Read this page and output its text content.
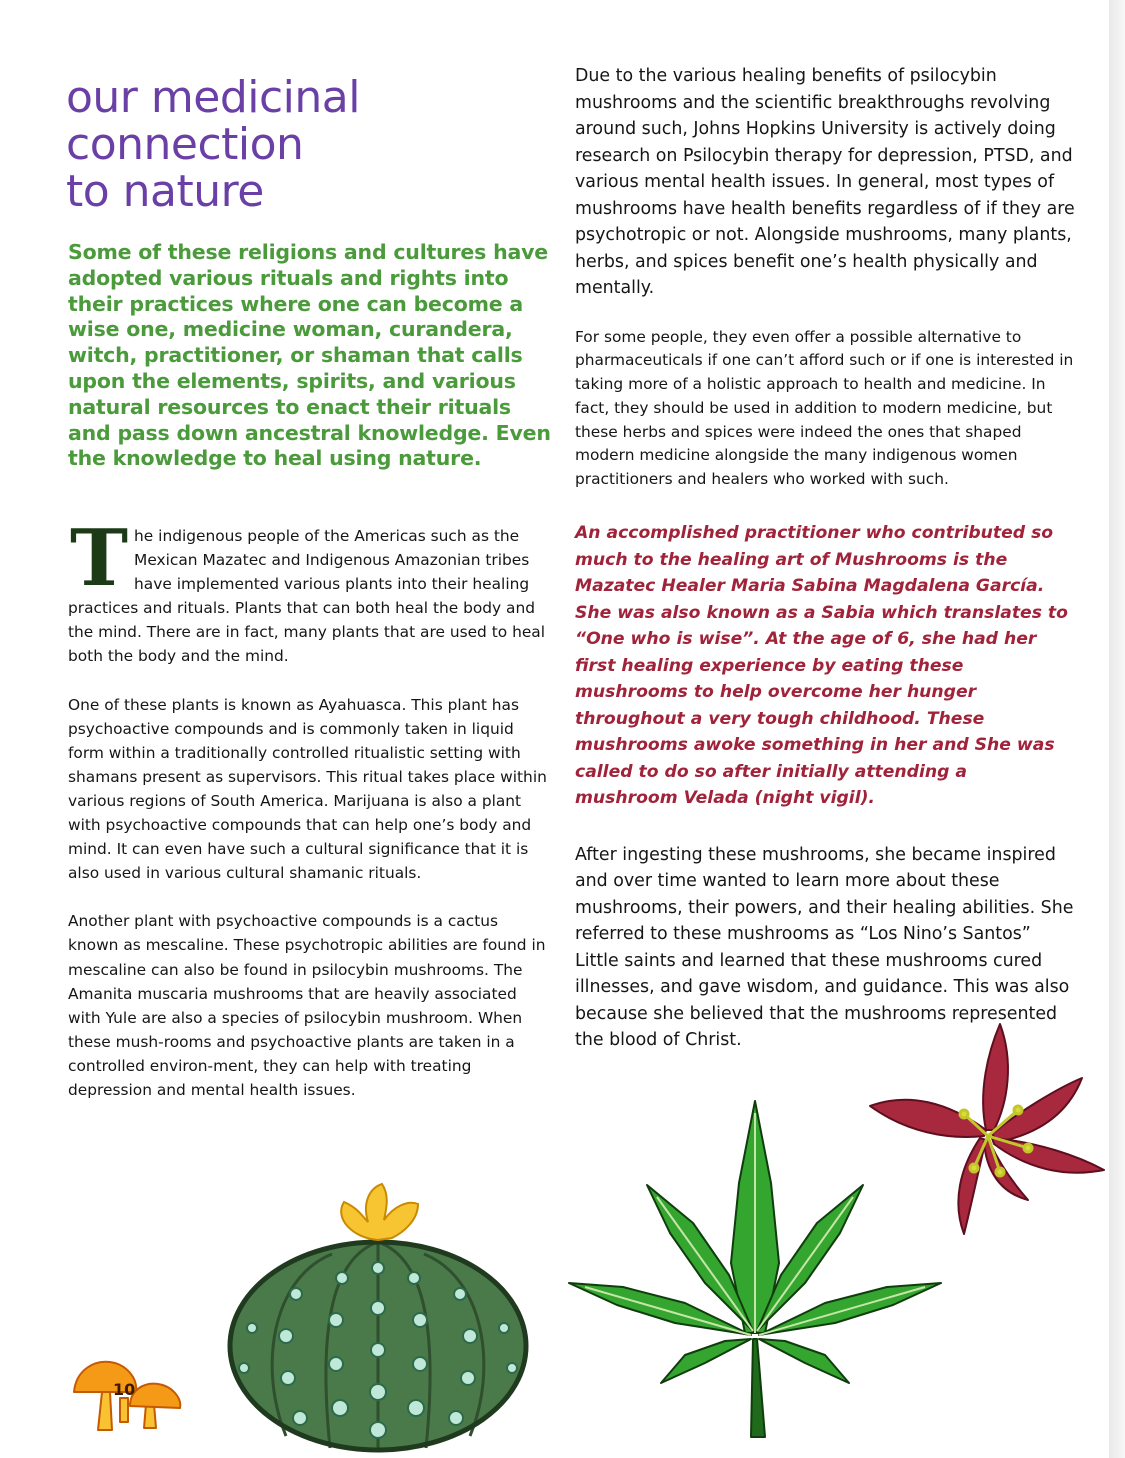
our medicinal
connection
to nature

Some of these religions and cultures have adopted various rituals and rights into their practices where one can become a wise one, medicine woman, curandera, witch, practitioner, or shaman that calls upon the elements, spirits, and various natural resources to enact their rituals and pass down ancestral knowledge. Even the knowledge to heal using nature.

T he indigenous people of the Americas such as the Mexican Mazatec and Indigenous Amazonian tribes have implemented various plants into their healing practices and rituals. Plants that can both heal the body and the mind. There are in fact, many plants that are used to heal both the body and the mind.

One of these plants is known as Ayahuasca. This plant has psychoactive compounds and is commonly taken in liquid form within a traditionally controlled ritualistic setting with shamans present as supervisors. This ritual takes place within various regions of South America. Marijuana is also a plant with psychoactive compounds that can help one’s body and mind. It can even have such a cultural significance that it is also used in various cultural shamanic rituals.

Another plant with psychoactive compounds is a cactus known as mescaline. These psychotropic abilities are found in mescaline can also be found in psilocybin mushrooms. The Amanita muscaria mushrooms that are heavily associated with Yule are also a species of psilocybin mushroom. When these mush-rooms and psychoactive plants are taken in a controlled environ-ment, they can help with treating depression and mental health issues.

Due to the various healing benefits of psilocybin mushrooms and the scientific breakthroughs revolving around such, Johns Hopkins University is actively doing research on Psilocybin therapy for depression, PTSD, and various mental health issues. In general, most types of mushrooms have health benefits regardless of if they are psychotropic or not. Alongside mushrooms, many plants, herbs, and spices benefit one’s health physically and mentally.

For some people, they even offer a possible alternative to pharmaceuticals if one can’t afford such or if one is interested in taking more of a holistic approach to health and medicine. In fact, they should be used in addition to modern medicine, but these herbs and spices were indeed the ones that shaped modern medicine alongside the many indigenous women practitioners and healers who worked with such.

An accomplished practitioner who contributed so much to the healing art of Mushrooms is the Mazatec Healer Maria Sabina Magdalena García. She was also known as a Sabia which translates to “One who is wise”. At the age of 6, she had her first healing experience by eating these mushrooms to help overcome her hunger throughout a very tough childhood. These mushrooms awoke something in her and She was called to do so after initially attending a mushroom Velada (night vigil).

After ingesting these mushrooms, she became inspired and over time wanted to learn more about these mushrooms, their powers, and their healing abilities. She referred to these mushrooms as “Los Nino’s Santos” Little saints and learned that these mushrooms cured illnesses, and gave wisdom, and guidance. This was also because she believed that the mushrooms represented the blood of Christ.

10
